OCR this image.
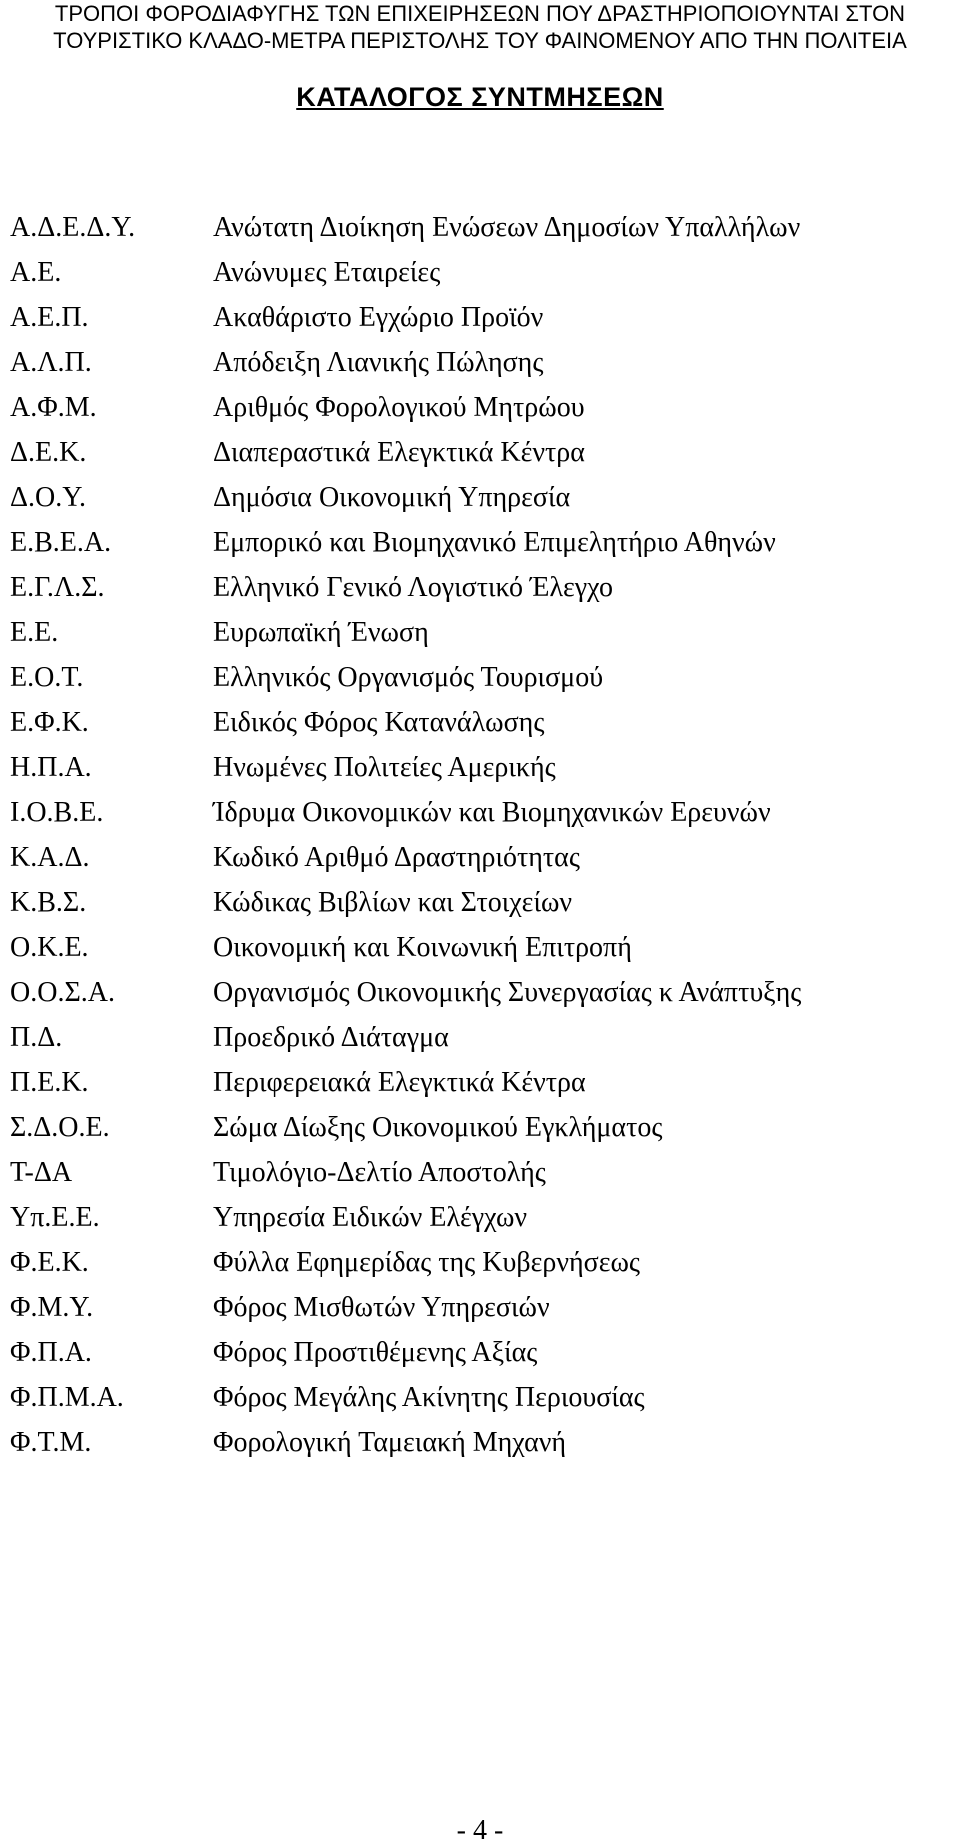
ΤΡΟΠΟΙ ΦΟΡΟΔΙΑΦΥΓΗΣ ΤΩΝ ΕΠΙΧΕΙΡΗΣΕΩΝ ΠΟΥ ΔΡΑΣΤΗΡΙΟΠΟΙΟΥΝΤΑΙ ΣΤΟΝ
ΤΟΥΡΙΣΤΙΚΟ ΚΛΑΔΟ-ΜΕΤΡΑ ΠΕΡΙΣΤΟΛΗΣ ΤΟΥ ΦΑΙΝΟΜΕΝΟΥ ΑΠΟ ΤΗΝ ΠΟΛΙΤΕΙΑ
ΚΑΤΑΛΟΓΟΣ ΣΥΝΤΜΗΣΕΩΝ
Α.Δ.Ε.Δ.Υ.	Ανώτατη Διοίκηση Ενώσεων Δημοσίων Υπαλλήλων
Α.Ε.	Ανώνυμες Εταιρείες
Α.Ε.Π.	Ακαθάριστο Εγχώριο Προϊόν
Α.Λ.Π.	Απόδειξη Λιανικής Πώλησης
Α.Φ.Μ.	Αριθμός Φορολογικού Μητρώου
Δ.Ε.Κ.	Διαπεραστικά Ελεγκτικά Κέντρα
Δ.Ο.Υ.	Δημόσια Οικονομική Υπηρεσία
Ε.Β.Ε.Α.	Εμπορικό και Βιομηχανικό Επιμελητήριο Αθηνών
Ε.Γ.Λ.Σ.	Ελληνικό Γενικό Λογιστικό Έλεγχο
Ε.Ε.	Ευρωπαϊκή Ένωση
Ε.Ο.Τ.	Ελληνικός Οργανισμός Τουρισμού
Ε.Φ.Κ.	Ειδικός Φόρος Κατανάλωσης
Η.Π.Α.	Ηνωμένες Πολιτείες Αμερικής
Ι.Ο.Β.Ε.	Ίδρυμα Οικονομικών και Βιομηχανικών Ερευνών
Κ.Α.Δ.	Κωδικό Αριθμό Δραστηριότητας
Κ.Β.Σ.	Κώδικας Βιβλίων και Στοιχείων
Ο.Κ.Ε.	Οικονομική και Κοινωνική Επιτροπή
Ο.Ο.Σ.Α.	Οργανισμός Οικονομικής Συνεργασίας κ Ανάπτυξης
Π.Δ.	Προεδρικό Διάταγμα
Π.Ε.Κ.	Περιφερειακά Ελεγκτικά Κέντρα
Σ.Δ.Ο.Ε.	Σώμα Δίωξης Οικονομικού Εγκλήματος
Τ-ΔΑ	Τιμολόγιο-Δελτίο Αποστολής
Υπ.Ε.Ε.	Υπηρεσία Ειδικών Ελέγχων
Φ.Ε.Κ.	Φύλλα Εφημερίδας της Κυβερνήσεως
Φ.Μ.Υ.	Φόρος Μισθωτών Υπηρεσιών
Φ.Π.Α.	Φόρος Προστιθέμενης Αξίας
Φ.Π.Μ.Α.	Φόρος Μεγάλης Ακίνητης Περιουσίας
Φ.Τ.Μ.	Φορολογική Ταμειακή Μηχανή
- 4 -
